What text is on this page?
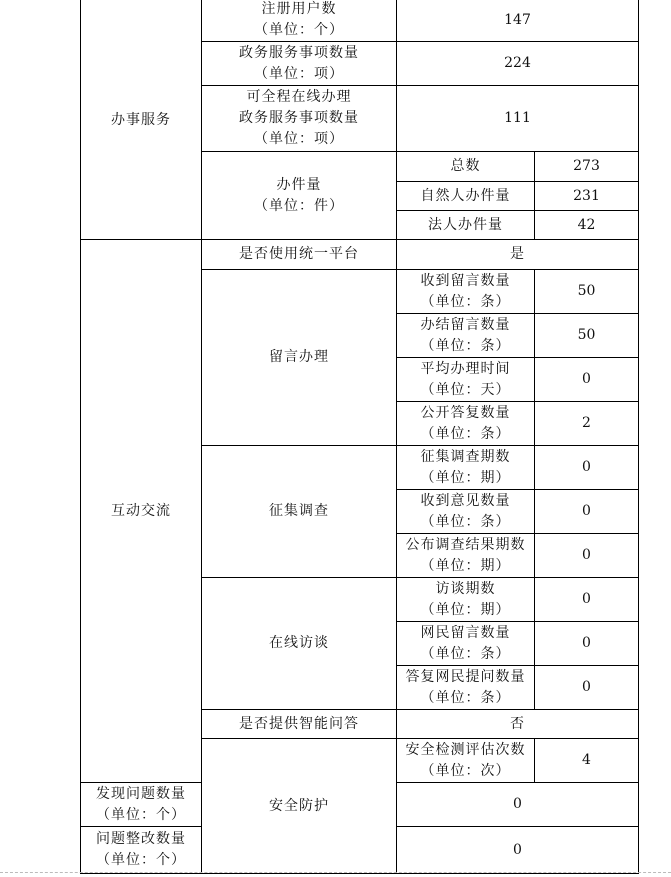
办事服务	注册用户数
（单位：个）	147	

	政务服务事项数量
（单位：项）	224	

	可全程在线办理
政务服务事项数量
（单位：项）	111	

	办件量
（单位：件）	总数	273
		自然人办件量	231
		法人办件量	42
互动交流	是否使用统一平台	是	
	留言办理	收到留言数量
（单位：条）	50

		办结留言数量
（单位：条）	50

		平均办理时间
（单位：天）	0

		公开答复数量
（单位：条）	2
	征集调查	征集调查期数
（单位：期）	0

		收到意见数量
（单位：条）	0

		公布调查结果期数
（单位：期）	0
	在线访谈	访谈期数
（单位：期）	0

		网民留言数量
（单位：条）	0

		答复网民提问数量
（单位：条）	0
	是否提供智能问答	否	
	安全防护	安全检测评估次数
（单位：次）	4

发现问题数量
（单位：个）		0	

问题整改数量
（单位：个）		0	
